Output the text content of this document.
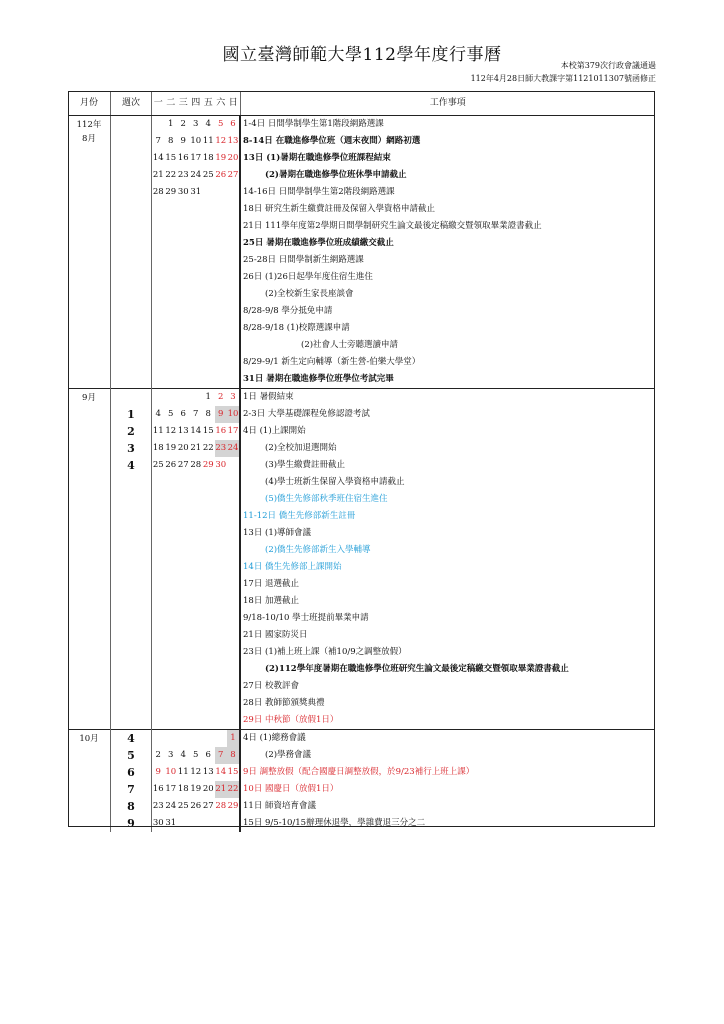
國立臺灣師範大學112學年度行事曆
本校第379次行政會議通過
112年4月28日師大教課字第1121011307號函修正
月份	週次	一	二	三	四	五	六	日	工作事項
112年
8月			1	2	3	4	5	6	1-4日 日間學制學生第1階段網路選課
		7	8	9	10	11	12	13	8-14日 在職進修學位班（週末夜間）網路初選
		14	15	16	17	18	19	20	13日 (1)暑期在職進修學位班課程結束
		21	22	23	24	25	26	27	(2)暑期在職進修學位班休學申請截止
		28	29	30	31				14-16日 日間學制學生第2階段網路選課
									18日 研究生新生繳費註冊及保留入學資格申請截止
									21日 111學年度第2學期日間學制研究生論文最後定稿繳交暨領取畢業證書截止
									25日 暑期在職進修學位班成績繳交截止
									25-28日 日間學制新生網路選課
									26日 (1)26日起學年度住宿生進住
									(2)全校新生家長座談會
									8/28-9/8 學分抵免申請
									8/28-9/18 (1)校際選課申請
									(2)社會人士旁聽選讀申請
									8/29-9/1 新生定向輔導（新生營-伯樂大學堂）
									31日 暑期在職進修學位班學位考試完畢
9月						1	2	3	1日 暑假結束
	1	4	5	6	7	8	9	10	2-3日 大學基礎課程免修認證考試
	2	11	12	13	14	15	16	17	4日 (1)上課開始
	3	18	19	20	21	22	23	24	(2)全校加退選開始
	4	25	26	27	28	29	30		(3)學生繳費註冊截止
									(4)學士班新生保留入學資格申請截止
									(5)僑生先修部秋季班住宿生進住
									11-12日 僑生先修部新生註冊
									13日 (1)導師會議
									(2)僑生先修部新生入學輔導
									14日 僑生先修部上課開始
									17日 退選截止
									18日 加選截止
									9/18-10/10 學士班提前畢業申請
									21日 國家防災日
									23日 (1)補上班上課（補10/9之調整放假）
									(2)112學年度暑期在職進修學位班研究生論文最後定稿繳交暨領取畢業證書截止
									27日 校教評會
									28日 教師節頒獎典禮
									29日 中秋節（放假1日）
10月	4							1	4日 (1)總務會議
	5	2	3	4	5	6	7	8	(2)學務會議
	6	9	10	11	12	13	14	15	9日 調整放假（配合國慶日調整放假，於9/23補行上班上課）
	7	16	17	18	19	20	21	22	10日 國慶日（放假1日）
	8	23	24	25	26	27	28	29	11日 師資培育會議
	9	30	31						15日 9/5-10/15辦理休退學，學雜費退三分之二
